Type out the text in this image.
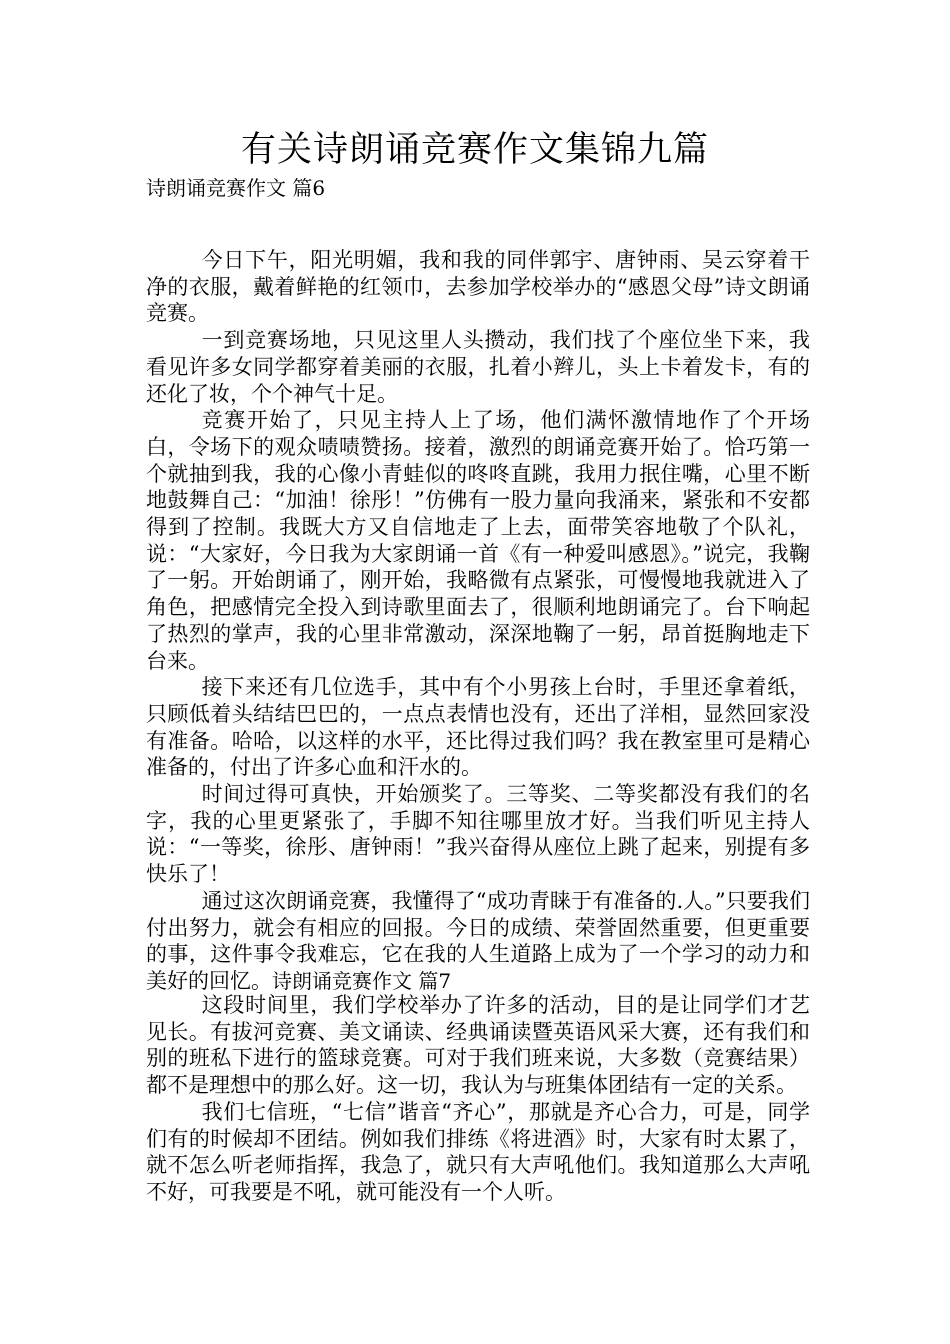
有关诗朗诵竞赛作文集锦九篇
诗朗诵竞赛作文 篇6

今日下午，阳光明媚，我和我的同伴郭宇、唐钟雨、吴云穿着干净的衣服，戴着鲜艳的红领巾，去参加学校举办的“感恩父母”诗文朗诵竞赛。

一到竞赛场地，只见这里人头攒动，我们找了个座位坐下来，我看见许多女同学都穿着美丽的衣服，扎着小辫儿，头上卡着发卡，有的还化了妆，个个神气十足。

竞赛开始了，只见主持人上了场，他们满怀激情地作了个开场白，令场下的观众啧啧赞扬。接着，激烈的朗诵竞赛开始了。恰巧第一个就抽到我，我的心像小青蛙似的咚咚直跳，我用力抿住嘴，心里不断地鼓舞自己：“加油！徐彤！”仿佛有一股力量向我涌来，紧张和不安都得到了控制。我既大方又自信地走了上去，面带笑容地敬了个队礼，说：“大家好，今日我为大家朗诵一首《有一种爱叫感恩》。”说完，我鞠了一躬。开始朗诵了，刚开始，我略微有点紧张，可慢慢地我就进入了角色，把感情完全投入到诗歌里面去了，很顺利地朗诵完了。台下响起了热烈的掌声，我的心里非常激动，深深地鞠了一躬，昂首挺胸地走下台来。

接下来还有几位选手，其中有个小男孩上台时，手里还拿着纸，只顾低着头结结巴巴的，一点点表情也没有，还出了洋相，显然回家没有准备。哈哈，以这样的水平，还比得过我们吗？我在教室里可是精心准备的，付出了许多心血和汗水的。

时间过得可真快，开始颁奖了。三等奖、二等奖都没有我们的名字，我的心里更紧张了，手脚不知往哪里放才好。当我们听见主持人说：“一等奖，徐彤、唐钟雨！”我兴奋得从座位上跳了起来，别提有多快乐了！

通过这次朗诵竞赛，我懂得了“成功青睐于有准备的.人。”只要我们付出努力，就会有相应的回报。今日的成绩、荣誉固然重要，但更重要的事，这件事令我难忘，它在我的人生道路上成为了一个学习的动力和美好的回忆。诗朗诵竞赛作文 篇7

这段时间里，我们学校举办了许多的活动，目的是让同学们才艺见长。有拔河竞赛、美文诵读、经典诵读暨英语风采大赛，还有我们和别的班私下进行的篮球竞赛。可对于我们班来说，大多数（竞赛结果）都不是理想中的那么好。这一切，我认为与班集体团结有一定的关系。

我们七信班，“七信”谐音“齐心”，那就是齐心合力，可是，同学们有的时候却不团结。例如我们排练《将进酒》时，大家有时太累了，就不怎么听老师指挥，我急了，就只有大声吼他们。我知道那么大声吼不好，可我要是不吼，就可能没有一个人听。
